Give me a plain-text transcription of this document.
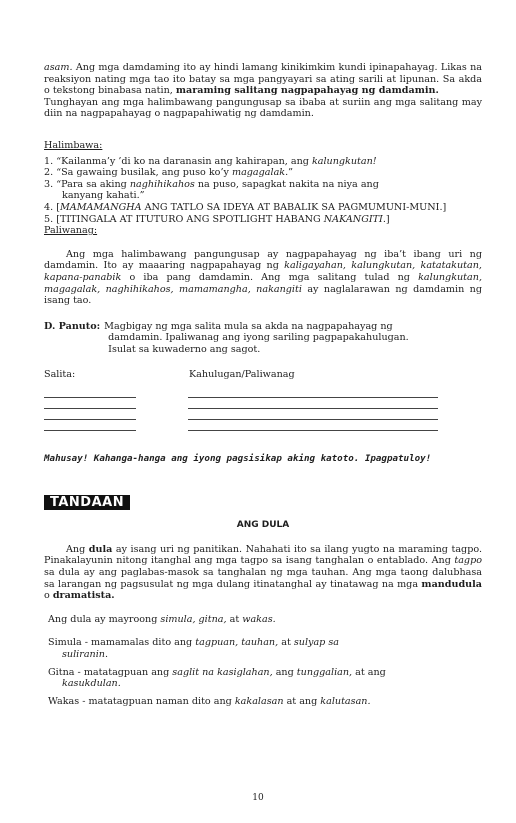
asam. Ang mga damdaming ito ay hindi lamang kinikimkim kundi ipinapahayag. Likas na reaksiyon nating mga tao ito batay sa mga pangyayari sa ating sarili at lipunan. Sa akda o tekstong binabasa natin, maraming salitang nagpapahayag ng damdamin.

Tunghayan ang mga halimbawang pangungusap sa ibaba at suriin ang mga salitang may diin na nagpapahayag o nagpapahiwatig ng damdamin.

Halimbawa:

1. “Kailanma’y ’di ko na daranasin ang kahirapan, ang kalungkutan!
2. “Sa gawaing busilak, ang puso ko’y magagalak.”
3. “Para sa aking naghihikahos na puso, sapagkat nakita na niya ang
kanyang kahati.”
4. [MAMAMANGHA ANG TATLO SA IDEYA AT BABALIK SA PAGMUMUNI-MUNI.]
5. [TITINGALA AT ITUTURO ANG SPOTLIGHT HABANG NAKANGITI.]

Paliwanag:

Ang mga halimbawang pangungusap ay nagpapahayag ng iba’t ibang uri ng damdamin. Ito ay maaaring nagpapahayag ng kaligayahan, kalungkutan, katatakutan, kapana-panabik o iba pang damdamin. Ang mga salitang tulad ng kalungkutan, magagalak, naghihikahos, mamamangha, nakangiti ay naglalarawan ng damdamin ng isang tao.

D. Panuto: Magbigay ng mga salita mula sa akda na nagpapahayag ng

damdamin. Ipaliwanag ang iyong sariling pagpapakahulugan.

Isulat sa kuwaderno ang sagot.

Salita:	Kahulugan/Paliwanag

Mahusay! Kahanga-hanga ang iyong pagsisikap aking katoto. Ipagpatuloy!

TANDAAN

ANG DULA

Ang dula ay isang uri ng panitikan. Nahahati ito sa ilang yugto na maraming tagpo. Pinakalayunin nitong itanghal ang mga tagpo sa isang tanghalan o entablado. Ang tagpo sa dula ay ang paglabas-masok sa tanghalan ng mga tauhan. Ang mga taong dalubhasa sa larangan ng pagsusulat ng mga dulang itinatanghal ay tinatawag na mga mandudula o dramatista.

Ang dula ay mayroong simula, gitna, at wakas.

Simula - mamamalas dito ang tagpuan, tauhan, at sulyap sa
suliranin.

Gitna - matatagpuan ang saglit na kasiglahan, ang tunggalian, at ang
kasukdulan.

Wakas - matatagpuan naman dito ang kakalasan at ang kalutasan.

10
